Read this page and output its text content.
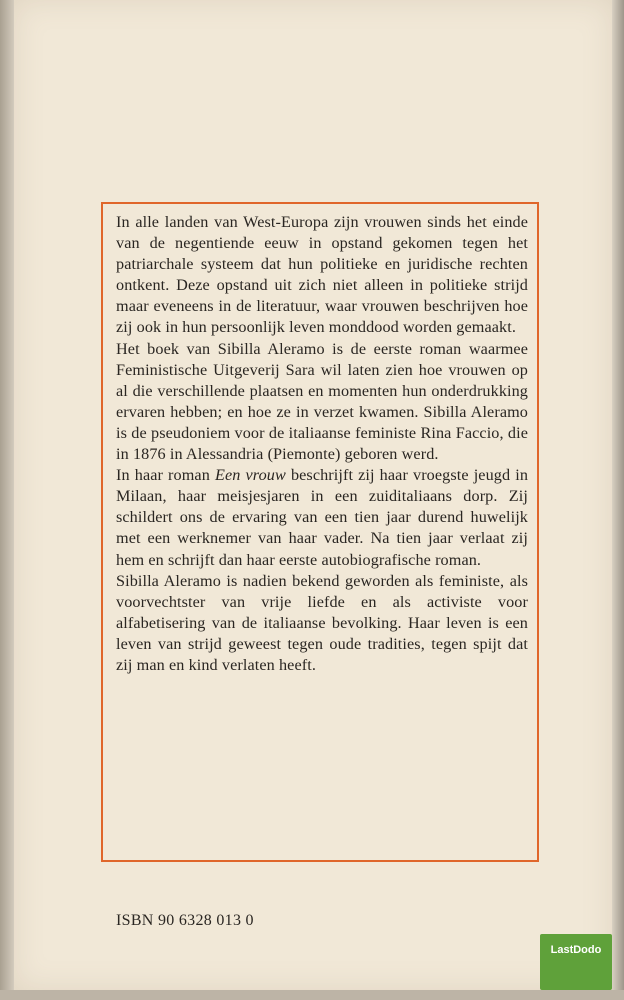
In alle landen van West-Europa zijn vrouwen sinds het einde van de negentiende eeuw in opstand gekomen tegen het patriarchale systeem dat hun politieke en juridische rechten ontkent. Deze opstand uit zich niet alleen in politieke strijd maar eveneens in de literatuur, waar vrouwen beschrijven hoe zij ook in hun persoonlijk leven monddood worden gemaakt.

Het boek van Sibilla Aleramo is de eerste roman waarmee Feministische Uitgeverij Sara wil laten zien hoe vrouwen op al die verschillende plaatsen en momenten hun onderdrukking ervaren hebben; en hoe ze in verzet kwamen. Sibilla Aleramo is de pseudoniem voor de italiaanse feministe Rina Faccio, die in 1876 in Alessandria (Piemonte) geboren werd.

In haar roman Een vrouw beschrijft zij haar vroegste jeugd in Milaan, haar meisjesjaren in een zuiditaliaans dorp. Zij schildert ons de ervaring van een tien jaar durend huwelijk met een werknemer van haar vader. Na tien jaar verlaat zij hem en schrijft dan haar eerste autobiografische roman.

Sibilla Aleramo is nadien bekend geworden als feministe, als voorvechtster van vrije liefde en als activiste voor alfabetisering van de italiaanse bevolking. Haar leven is een leven van strijd geweest tegen oude tradities, tegen spijt dat zij man en kind verlaten heeft.

ISBN 90 6328 013 0
LastDodo
